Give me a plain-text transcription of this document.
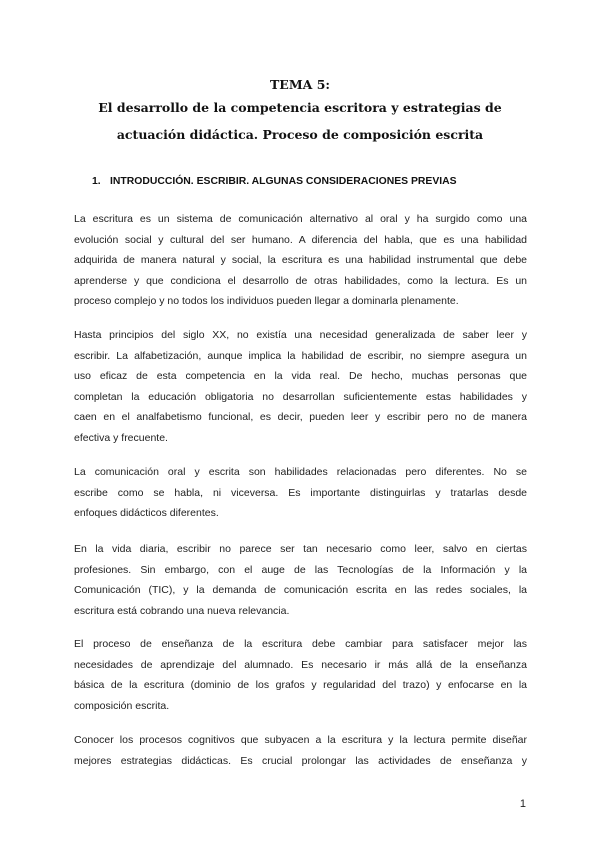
TEMA 5:
El desarrollo de la competencia escritora y estrategias de
actuación didáctica. Proceso de composición escrita
1. INTRODUCCIÓN. ESCRIBIR. ALGUNAS CONSIDERACIONES PREVIAS
La escritura es un sistema de comunicación alternativo al oral y ha surgido como una
evolución social y cultural del ser humano. A diferencia del habla, que es una habilidad
adquirida de manera natural y social, la escritura es una habilidad instrumental que debe
aprenderse y que condiciona el desarrollo de otras habilidades, como la lectura. Es un
proceso complejo y no todos los individuos pueden llegar a dominarla plenamente.
Hasta principios del siglo XX, no existía una necesidad generalizada de saber leer y
escribir. La alfabetización, aunque implica la habilidad de escribir, no siempre asegura un
uso eficaz de esta competencia en la vida real. De hecho, muchas personas que
completan la educación obligatoria no desarrollan suficientemente estas habilidades y
caen en el analfabetismo funcional, es decir, pueden leer y escribir pero no de manera
efectiva y frecuente.
La comunicación oral y escrita son habilidades relacionadas pero diferentes. No se
escribe como se habla, ni viceversa. Es importante distinguirlas y tratarlas desde
enfoques didácticos diferentes.
En la vida diaria, escribir no parece ser tan necesario como leer, salvo en ciertas
profesiones. Sin embargo, con el auge de las Tecnologías de la Información y la
Comunicación (TIC), y la demanda de comunicación escrita en las redes sociales, la
escritura está cobrando una nueva relevancia.
El proceso de enseñanza de la escritura debe cambiar para satisfacer mejor las
necesidades de aprendizaje del alumnado. Es necesario ir más allá de la enseñanza
básica de la escritura (dominio de los grafos y regularidad del trazo) y enfocarse en la
composición escrita.
Conocer los procesos cognitivos que subyacen a la escritura y la lectura permite diseñar
mejores estrategias didácticas. Es crucial prolongar las actividades de enseñanza y
1
